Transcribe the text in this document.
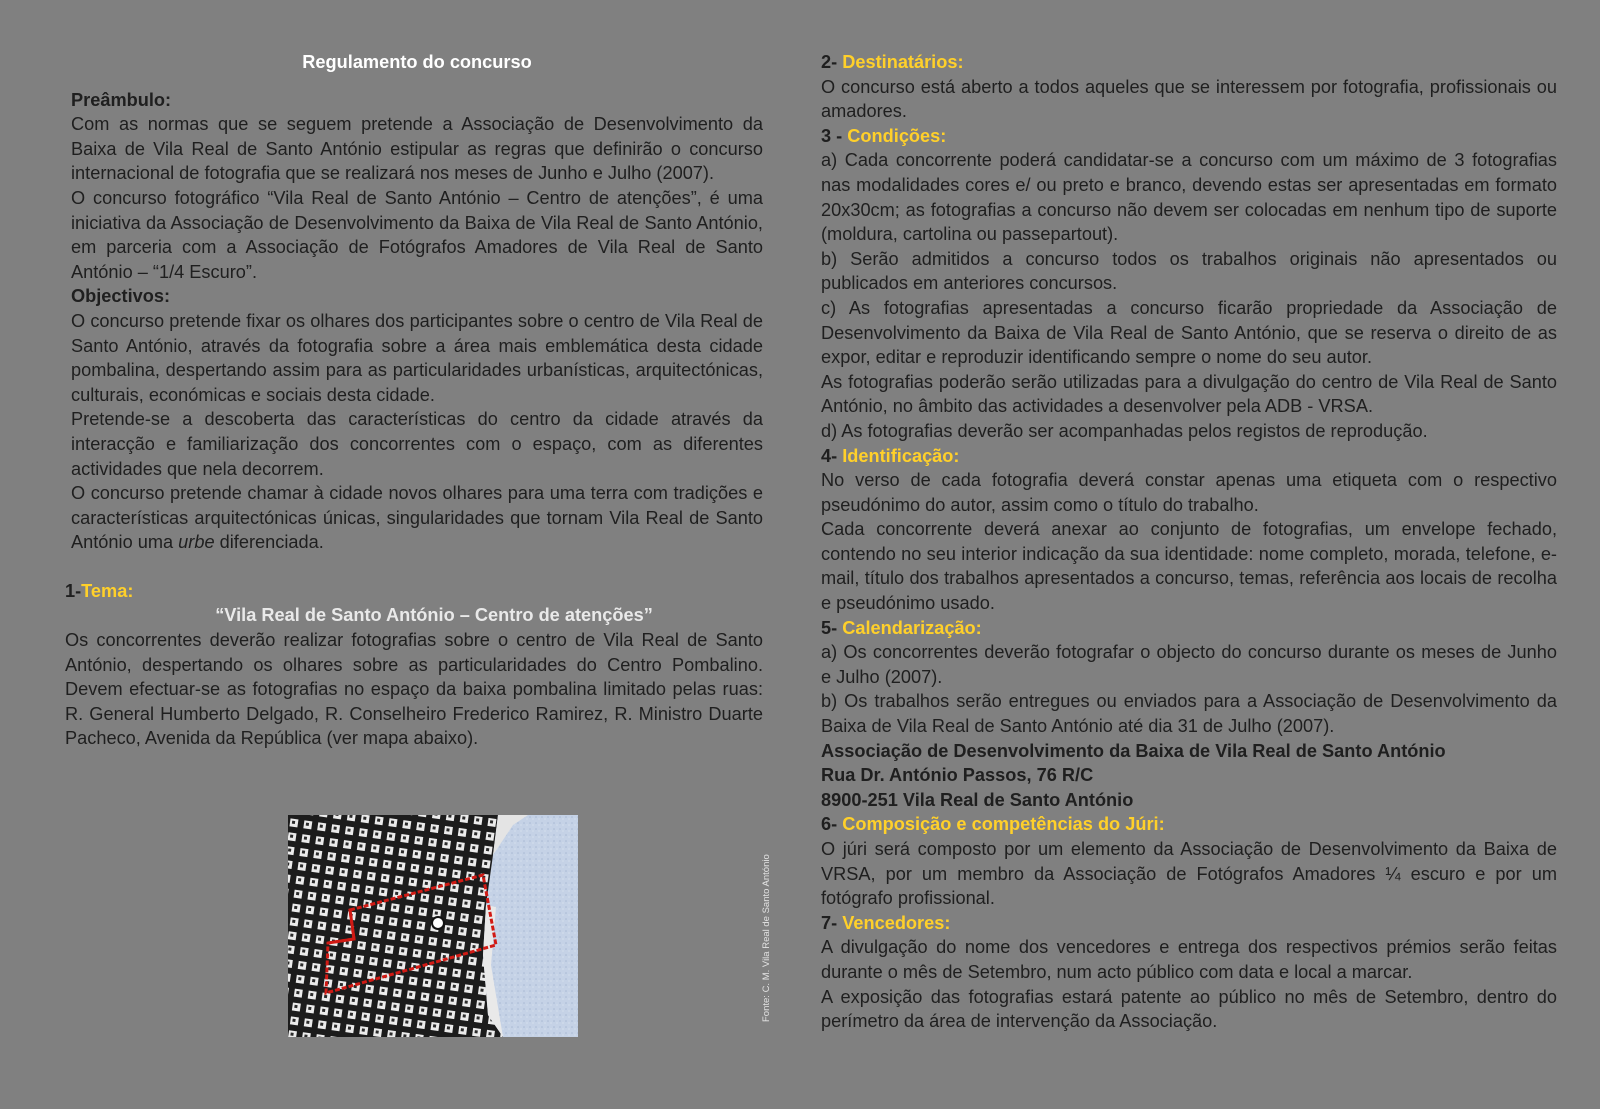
Regulamento do concurso

Preâmbulo:

Com as normas que se seguem pretende a Associação de Desenvolvimento da Baixa de Vila Real de Santo António estipular as regras que definirão o concurso internacional de fotografia que se realizará nos meses de Junho e Julho (2007).

O concurso fotográfico “Vila Real de Santo António – Centro de atenções”, é uma iniciativa da Associação de Desenvolvimento da Baixa de Vila Real de Santo António, em parceria com a Associação de Fotógrafos Amadores de Vila Real de Santo António – “1/4 Escuro”.

Objectivos:

O concurso pretende fixar os olhares dos participantes sobre o centro de Vila Real de Santo António, através da fotografia sobre a área mais emblemática desta cidade pombalina, despertando assim para as particularidades urbanísticas, arquitectónicas, culturais, económicas e sociais desta cidade.

Pretende-se a descoberta das características do centro da cidade através da interacção e familiarização dos concorrentes com o espaço, com as diferentes actividades que nela decorrem.

O concurso pretende chamar à cidade novos olhares para uma terra com tradições e características arquitectónicas únicas, singularidades que tornam Vila Real de Santo António uma urbe diferenciada.

1-Tema:

“Vila Real de Santo António – Centro de atenções”

Os concorrentes deverão realizar fotografias sobre o centro de Vila Real de Santo António, despertando os olhares sobre as particularidades do Centro Pombalino. Devem efectuar-se as fotografias no espaço da baixa pombalina limitado pelas ruas: R. General Humberto Delgado, R. Conselheiro Frederico Ramirez, R. Ministro Duarte Pacheco, Avenida da República (ver mapa abaixo).

Fonte: C. M. Vila Real de Santo António

2- Destinatários:

O concurso está aberto a todos aqueles que se interessem por fotografia, profissionais ou amadores.

3 - Condições:

a) Cada concorrente poderá candidatar-se a concurso com um máximo de 3 fotografias nas modalidades cores e/ ou preto e branco, devendo estas ser apresentadas em formato 20x30cm; as fotografias a concurso não devem ser colocadas em nenhum tipo de suporte (moldura, cartolina ou passepartout).

b) Serão admitidos a concurso todos os trabalhos originais não apresentados ou publicados em anteriores concursos.

c) As fotografias apresentadas a concurso ficarão propriedade da Associação de Desenvolvimento da Baixa de Vila Real de Santo António, que se reserva o direito de as expor, editar e reproduzir identificando sempre o nome do seu autor.

As fotografias poderão serão utilizadas para a divulgação do centro de Vila Real de Santo António, no âmbito das actividades a desenvolver pela ADB - VRSA.

d) As fotografias deverão ser acompanhadas pelos registos de reprodução.

4- Identificação:

No verso de cada fotografia deverá constar apenas uma etiqueta com o respectivo pseudónimo do autor, assim como o título do trabalho.

Cada concorrente deverá anexar ao conjunto de fotografias, um envelope fechado, contendo no seu interior indicação da sua identidade: nome completo, morada, telefone, e-mail, título dos trabalhos apresentados a concurso, temas, referência aos locais de recolha e pseudónimo usado.

5- Calendarização:

a) Os concorrentes deverão fotografar o objecto do concurso durante os meses de Junho e Julho (2007).

b) Os trabalhos serão entregues ou enviados para a Associação de Desenvolvimento da Baixa de Vila Real de Santo António até dia 31 de Julho (2007).

Associação de Desenvolvimento da Baixa de Vila Real de Santo António

Rua Dr. António Passos, 76 R/C

8900-251 Vila Real de Santo António

6- Composição e competências do Júri:

O júri será composto por um elemento da Associação de Desenvolvimento da Baixa de VRSA, por um membro da Associação de Fotógrafos Amadores ¼ escuro e por um fotógrafo profissional.

7- Vencedores:

A divulgação do nome dos vencedores e entrega dos respectivos prémios serão feitas durante o mês de Setembro, num acto público com data e local a marcar.

A exposição das fotografias estará patente ao público no mês de Setembro, dentro do perímetro da área de intervenção da Associação.
